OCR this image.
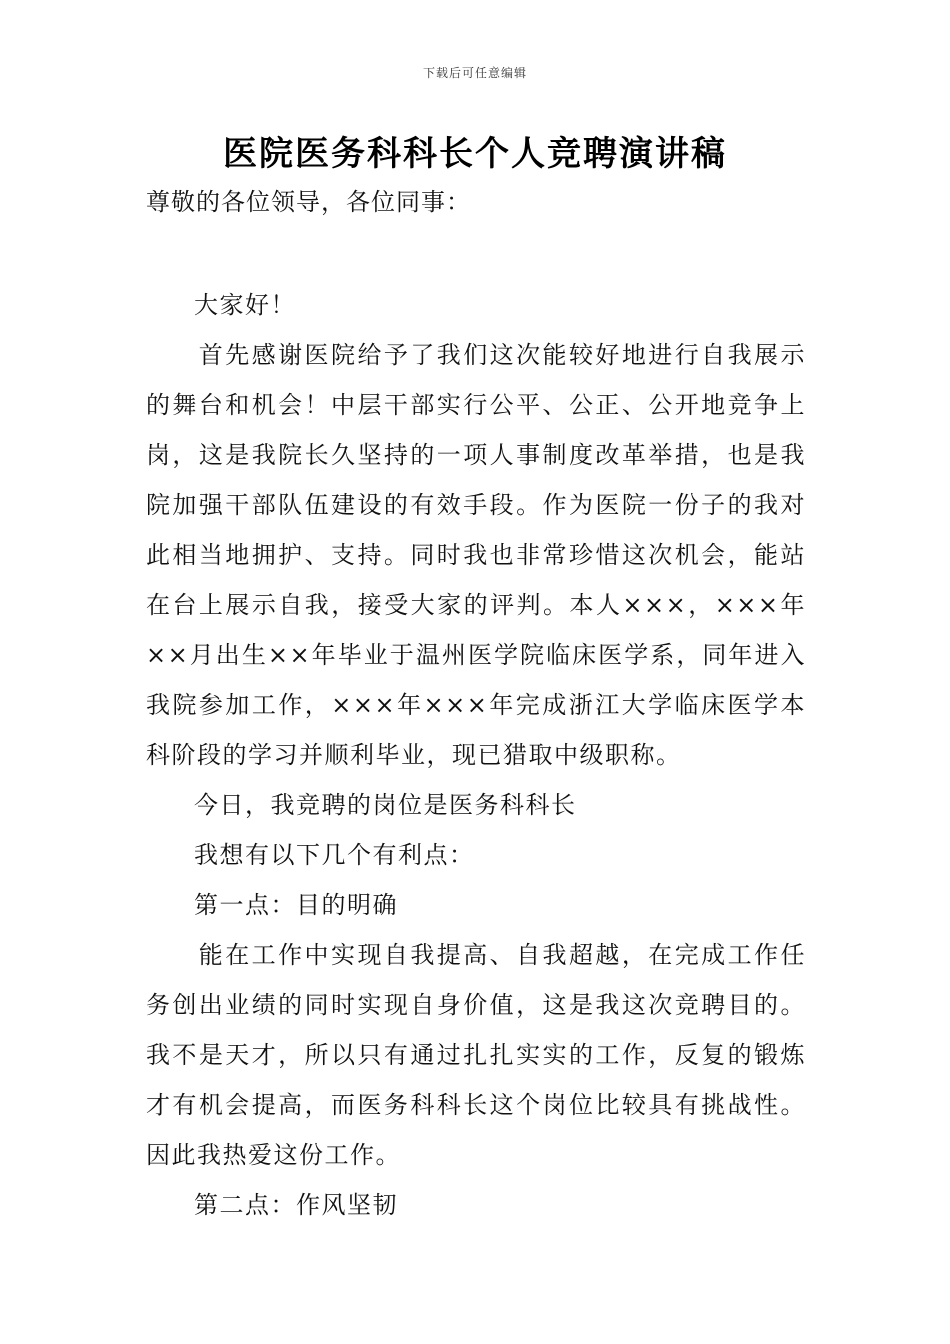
下载后可任意编辑
医院医务科科长个人竞聘演讲稿
尊敬的各位领导，各位同事：

大家好！

首先感谢医院给予了我们这次能较好地进行自我展示的舞台和机会！中层干部实行公平、公正、公开地竞争上岗，这是我院长久坚持的一项人事制度改革举措，也是我院加强干部队伍建设的有效手段。作为医院一份子的我对此相当地拥护、支持。同时我也非常珍惜这次机会，能站在台上展示自我，接受大家的评判。本人×××，×××年××月出生××年毕业于温州医学院临床医学系，同年进入我院参加工作，×××年×××年完成浙江大学临床医学本科阶段的学习并顺利毕业，现已猎取中级职称。

今日，我竞聘的岗位是医务科科长

我想有以下几个有利点：

第一点：目的明确

能在工作中实现自我提高、自我超越，在完成工作任务创出业绩的同时实现自身价值，这是我这次竞聘目的。我不是天才，所以只有通过扎扎实实的工作，反复的锻炼才有机会提高，而医务科科长这个岗位比较具有挑战性。因此我热爱这份工作。

第二点：作风坚韧
